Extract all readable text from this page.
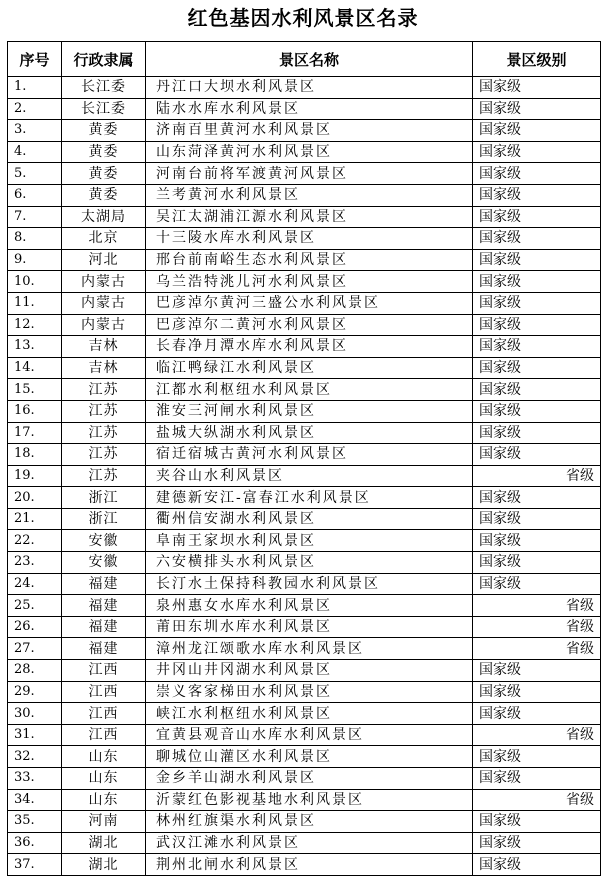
红色基因水利风景区名录
序号	行政隶属	景区名称	景区级别
1.	长江委	丹江口大坝水利风景区	国家级
2.	长江委	陆水水库水利风景区	国家级
3.	黄委	济南百里黄河水利风景区	国家级
4.	黄委	山东菏泽黄河水利风景区	国家级
5.	黄委	河南台前将军渡黄河风景区	国家级
6.	黄委	兰考黄河水利风景区	国家级
7.	太湖局	吴江太湖浦江源水利风景区	国家级
8.	北京	十三陵水库水利风景区	国家级
9.	河北	邢台前南峪生态水利风景区	国家级
10.	内蒙古	乌兰浩特洮儿河水利风景区	国家级
11.	内蒙古	巴彦淖尔黄河三盛公水利风景区	国家级
12.	内蒙古	巴彦淖尔二黄河水利风景区	国家级
13.	吉林	长春净月潭水库水利风景区	国家级
14.	吉林	临江鸭绿江水利风景区	国家级
15.	江苏	江都水利枢纽水利风景区	国家级
16.	江苏	淮安三河闸水利风景区	国家级
17.	江苏	盐城大纵湖水利风景区	国家级
18.	江苏	宿迁宿城古黄河水利风景区	国家级
19.	江苏	夹谷山水利风景区	省级
20.	浙江	建德新安江-富春江水利风景区	国家级
21.	浙江	衢州信安湖水利风景区	国家级
22.	安徽	阜南王家坝水利风景区	国家级
23.	安徽	六安横排头水利风景区	国家级
24.	福建	长汀水土保持科教园水利风景区	国家级
25.	福建	泉州惠女水库水利风景区	省级
26.	福建	莆田东圳水库水利风景区	省级
27.	福建	漳州龙江颂歌水库水利风景区	省级
28.	江西	井冈山井冈湖水利风景区	国家级
29.	江西	崇义客家梯田水利风景区	国家级
30.	江西	峡江水利枢纽水利风景区	国家级
31.	江西	宜黄县观音山水库水利风景区	省级
32.	山东	聊城位山灌区水利风景区	国家级
33.	山东	金乡羊山湖水利风景区	国家级
34.	山东	沂蒙红色影视基地水利风景区	省级
35.	河南	林州红旗渠水利风景区	国家级
36.	湖北	武汉江滩水利风景区	国家级
37.	湖北	荆州北闸水利风景区	国家级
